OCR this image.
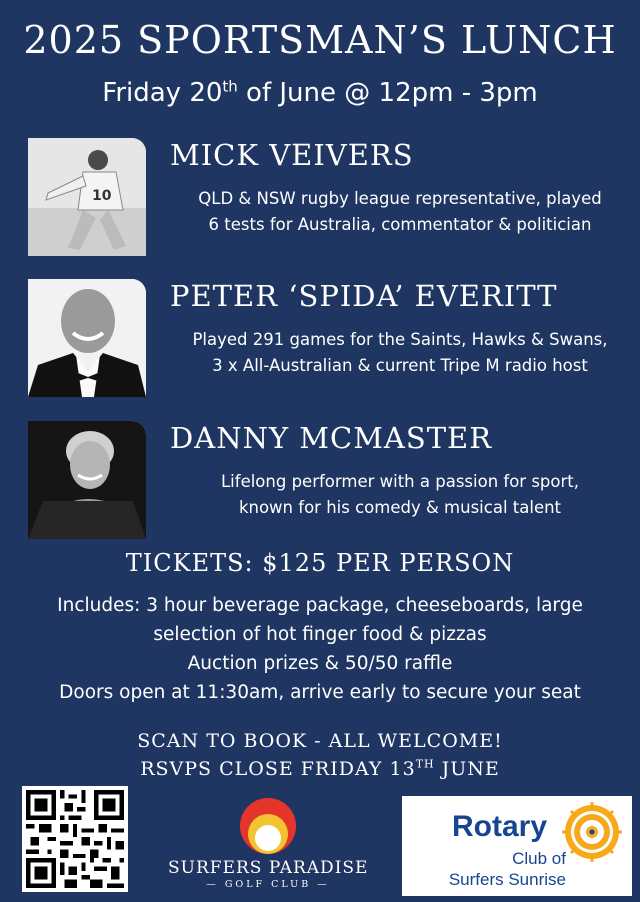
2025 SPORTSMAN’S LUNCH
Friday 20th of June @ 12pm - 3pm
10
MICK VEIVERS
QLD & NSW rugby league representative, played
6 tests for Australia, commentator & politician
PETER ‘SPIDA’ EVERITT
Played 291 games for the Saints, Hawks & Swans,
3 x All-Australian & current Tripe M radio host
DANNY MCMASTER
Lifelong performer with a passion for sport,
known for his comedy & musical talent
TICKETS: $125 PER PERSON
Includes: 3 hour beverage package, cheeseboards, large
selection of hot finger food & pizzas
Auction prizes & 50/50 raffle
Doors open at 11:30am, arrive early to secure your seat
SCAN TO BOOK - ALL WELCOME!
RSVPS CLOSE FRIDAY 13TH JUNE
SURFERS PARADISE
— GOLF CLUB —
Rotary
Club of
Surfers Sunrise
